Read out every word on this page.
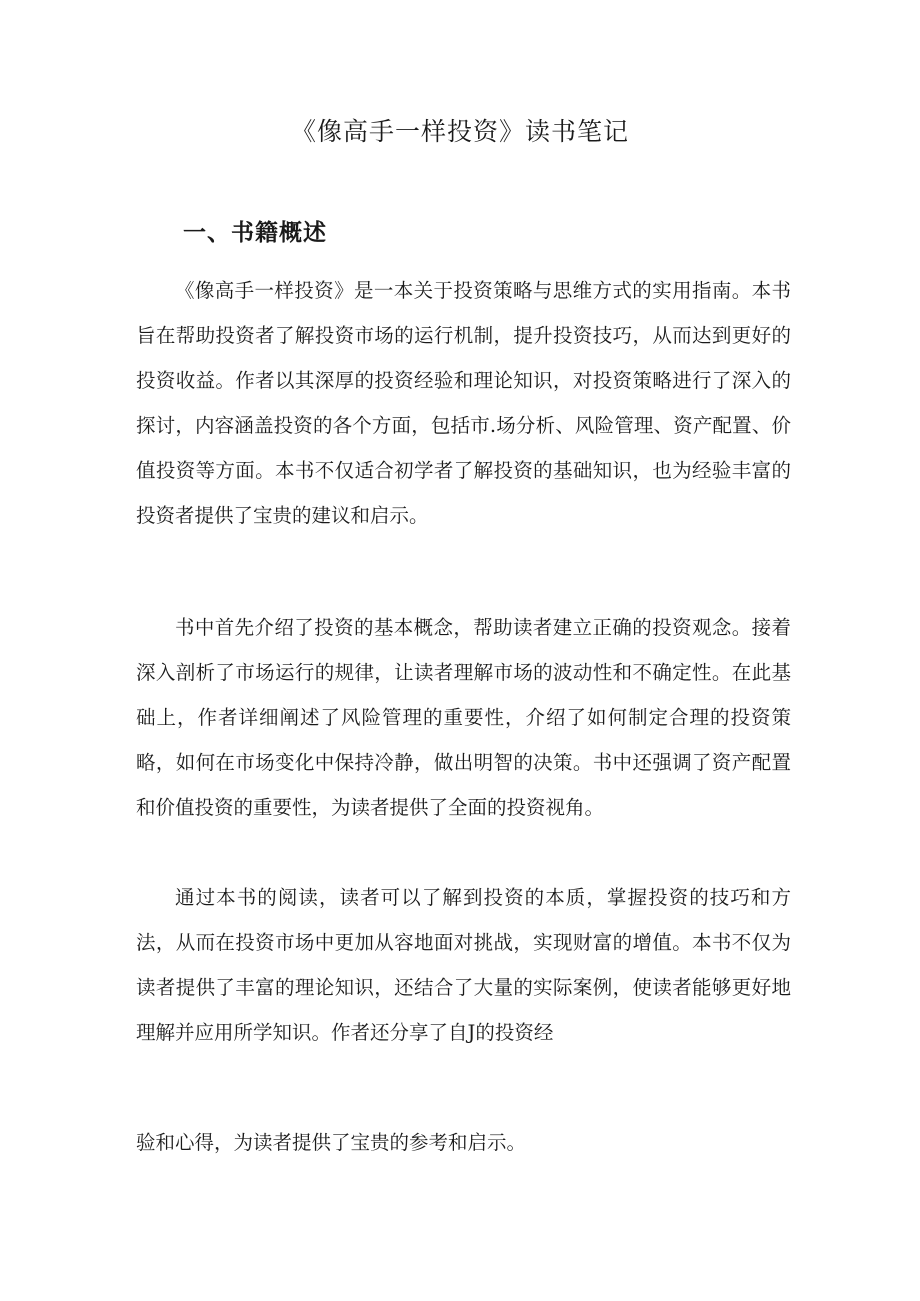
《像高手一样投资》读书笔记
一、书籍概述

《像高手一样投资》是一本关于投资策略与思维方式的实用指南。本书旨在帮助投资者了解投资市场的运行机制，提升投资技巧，从而达到更好的投资收益。作者以其深厚的投资经验和理论知识，对投资策略进行了深入的探讨，内容涵盖投资的各个方面，包括市.场分析、风险管理、资产配置、价值投资等方面。本书不仅适合初学者了解投资的基础知识，也为经验丰富的投资者提供了宝贵的建议和启示。

书中首先介绍了投资的基本概念，帮助读者建立正确的投资观念。接着深入剖析了市场运行的规律，让读者理解市场的波动性和不确定性。在此基础上，作者详细阐述了风险管理的重要性，介绍了如何制定合理的投资策略，如何在市场变化中保持冷静，做出明智的决策。书中还强调了资产配置和价值投资的重要性，为读者提供了全面的投资视角。

通过本书的阅读，读者可以了解到投资的本质，掌握投资的技巧和方法，从而在投资市场中更加从容地面对挑战，实现财富的增值。本书不仅为读者提供了丰富的理论知识，还结合了大量的实际案例，使读者能够更好地理解并应用所学知识。作者还分享了自J的投资经

验和心得，为读者提供了宝贵的参考和启示。
